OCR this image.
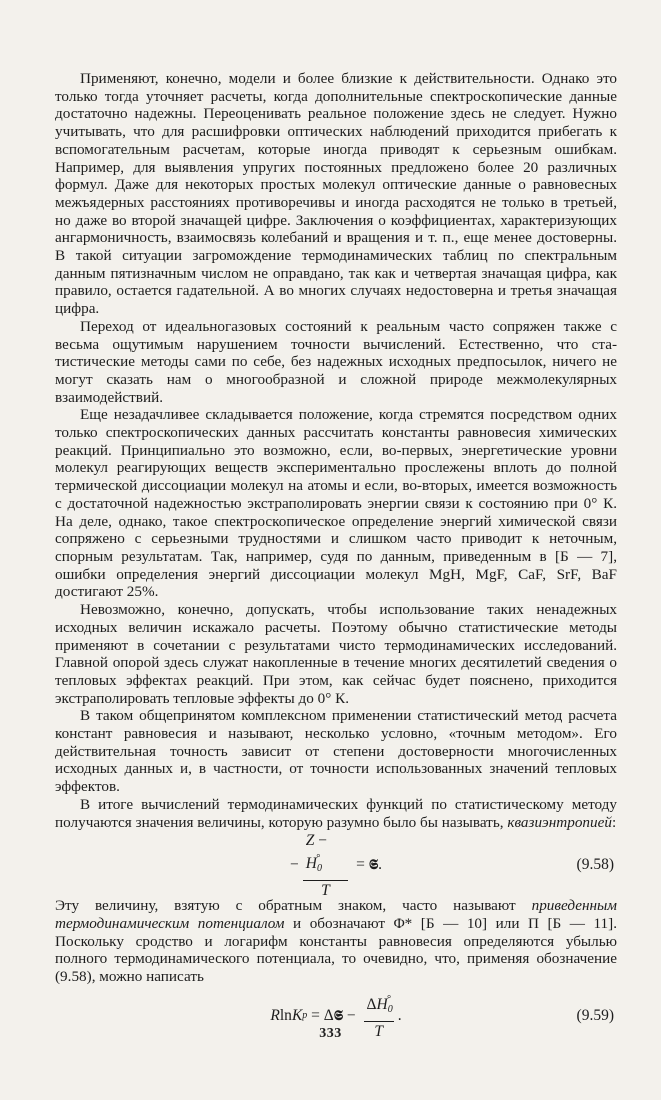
Применяют, конечно, модели и более близкие к действительности. Однако это только тогда уточняет расчеты, когда дополнительные спектроскопические данные достаточно надежны. Переоценивать реальное положение здесь не следует. Нужно учитывать, что для расшифровки оптических наблюдений приходится прибегать к вспомогательным расчетам, которые иногда приводят к серьезным ошибкам. Например, для выявления упругих постоянных предложено более 20 различных формул. Даже для некоторых простых молекул оптические данные о равновесных межъядерных расстояниях противоречивы и иногда расходятся не только в третьей, но даже во второй значащей цифре. Заключения о коэффициентах, характеризующих ангармоничность, взаимосвязь колебаний и вращения и т. п., еще менее достоверны. В такой ситуации загромождение термодинамических таблиц по спектральным данным пятизначным числом не оправдано, так как и четвертая значащая цифра, как правило, остается гадательной. А во многих случаях недостоверна и третья значащая цифра.

Переход от идеальногазовых состояний к реальным часто сопряжен также с весьма ощутимым нарушением точности вычислений. Естественно, что статистические методы сами по себе, без надежных исходных предпосылок, ничего не могут сказать нам о многообразной и сложной природе межмолекулярных взаимодействий.

Еще незадачливее складывается положение, когда стремятся посредством одних только спектроскопических данных рассчитать константы равновесия химических реакций. Принципиально это возможно, если, во-первых, энергетические уровни молекул реагирующих веществ экспериментально прослежены вплоть до полной термической диссоциации молекул на атомы и если, во-вторых, имеется возможность с достаточной надежностью экстраполировать энергии связи к состоянию при 0° К. На деле, однако, такое спектроскопическое определение энергий химической связи сопряжено с серьезными трудностями и слишком часто приводит к неточным, спорным результатам. Так, например, судя по данным, приведенным в [Б — 7], ошибки определения энергий диссоциации молекул MgH, MgF, CaF, SrF, BaF достигают 25%.

Невозможно, конечно, допускать, чтобы использование таких ненадежных исходных величин искажало расчеты. Поэтому обычно статистические методы применяют в сочетании с результатами чисто термодинамических исследований. Главной опорой здесь служат накопленные в течение многих десятилетий сведения о тепловых эффектах реакций. При этом, как сейчас будет пояснено, приходится экстраполировать тепловые эффекты до 0° К.

В таком общепринятом комплексном применении статистический метод расчета констант равновесия и называют, несколько условно, «точным методом». Его действительная точность зависит от степени достоверности многочисленных исходных данных и, в частности, от точности использованных значений тепловых эффектов.

В итоге вычислений термодинамических функций по статистическому методу получаются значения величины, которую разумно было бы называть, квазиэнтропией:

− $\frac{Z - H_0^\circ}{T}$ = 𝕾 .	(9.58)

Эту величину, взятую с обратным знаком, часто называют приведенным термодинамическим потенциалом и обозначают Φ* [Б — 10] или Π [Б — 11]. Поскольку сродство и логарифм константы равновесия определяются убылью полного термодинамического потенциала, то очевидно, что, применяя обозначение (9.58), можно написать

R ln K p = Δ 𝕾 − $\frac{\Delta H_0^\circ}{T}$ .	(9.59)
333
